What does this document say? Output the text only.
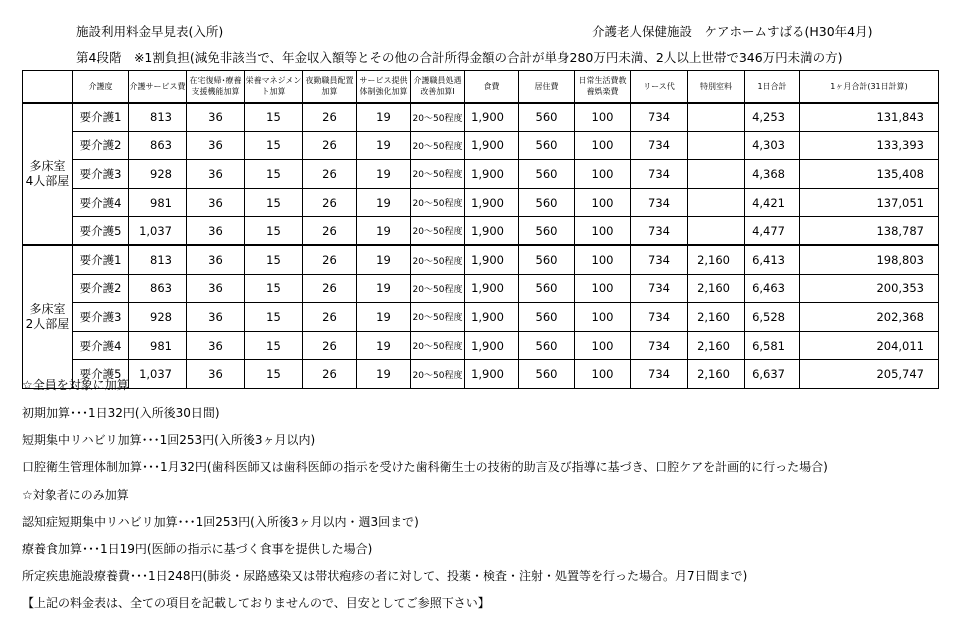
施設利用料金早見表(入所)	介護老人保健施設　ケアホームすばる(H30年4月)
第4段階　※1割負担(減免非該当で、年金収入額等とその他の合計所得金額の合計が単身280万円未満、2人以上世帯で346万円未満の方)
	介護度	介護サービス費	在宅復帰･療養支援機能加算	栄養マネジメント加算	夜勤職員配置加算	サービス提供体制強化加算	介護職員処遇改善加算Ⅰ	食費	居住費	日常生活費教養娯楽費	リース代	特別室料	1日合計	1ヶ月合計(31日計算)

多床室
4人部屋	要介護1	813	36	15	26	19	20～50程度	1,900	560	100	734		4,253	131,843
	要介護2	863	36	15	26	19	20～50程度	1,900	560	100	734		4,303	133,393
	要介護3	928	36	15	26	19	20～50程度	1,900	560	100	734		4,368	135,408
	要介護4	981	36	15	26	19	20～50程度	1,900	560	100	734		4,421	137,051
	要介護5	1,037	36	15	26	19	20～50程度	1,900	560	100	734		4,477	138,787

多床室
2人部屋	要介護1	813	36	15	26	19	20～50程度	1,900	560	100	734	2,160	6,413	198,803
	要介護2	863	36	15	26	19	20～50程度	1,900	560	100	734	2,160	6,463	200,353
	要介護3	928	36	15	26	19	20～50程度	1,900	560	100	734	2,160	6,528	202,368
	要介護4	981	36	15	26	19	20～50程度	1,900	560	100	734	2,160	6,581	204,011
	要介護5	1,037	36	15	26	19	20～50程度	1,900	560	100	734	2,160	6,637	205,747
☆全員を対象に加算
初期加算･･･1日32円(入所後30日間)
短期集中リハビリ加算･･･1回253円(入所後3ヶ月以内)
口腔衛生管理体制加算･･･1月32円(歯科医師又は歯科医師の指示を受けた歯科衛生士の技術的助言及び指導に基づき、口腔ケアを計画的に行った場合)
☆対象者にのみ加算
認知症短期集中リハビリ加算･･･1回253円(入所後3ヶ月以内・週3回まで)
療養食加算･･･1日19円(医師の指示に基づく食事を提供した場合)
所定疾患施設療養費･･･1日248円(肺炎・尿路感染又は帯状疱疹の者に対して、投薬・検査・注射・処置等を行った場合。月7日間まで)
【上記の料金表は、全ての項目を記載しておりませんので、目安としてご参照下さい】
